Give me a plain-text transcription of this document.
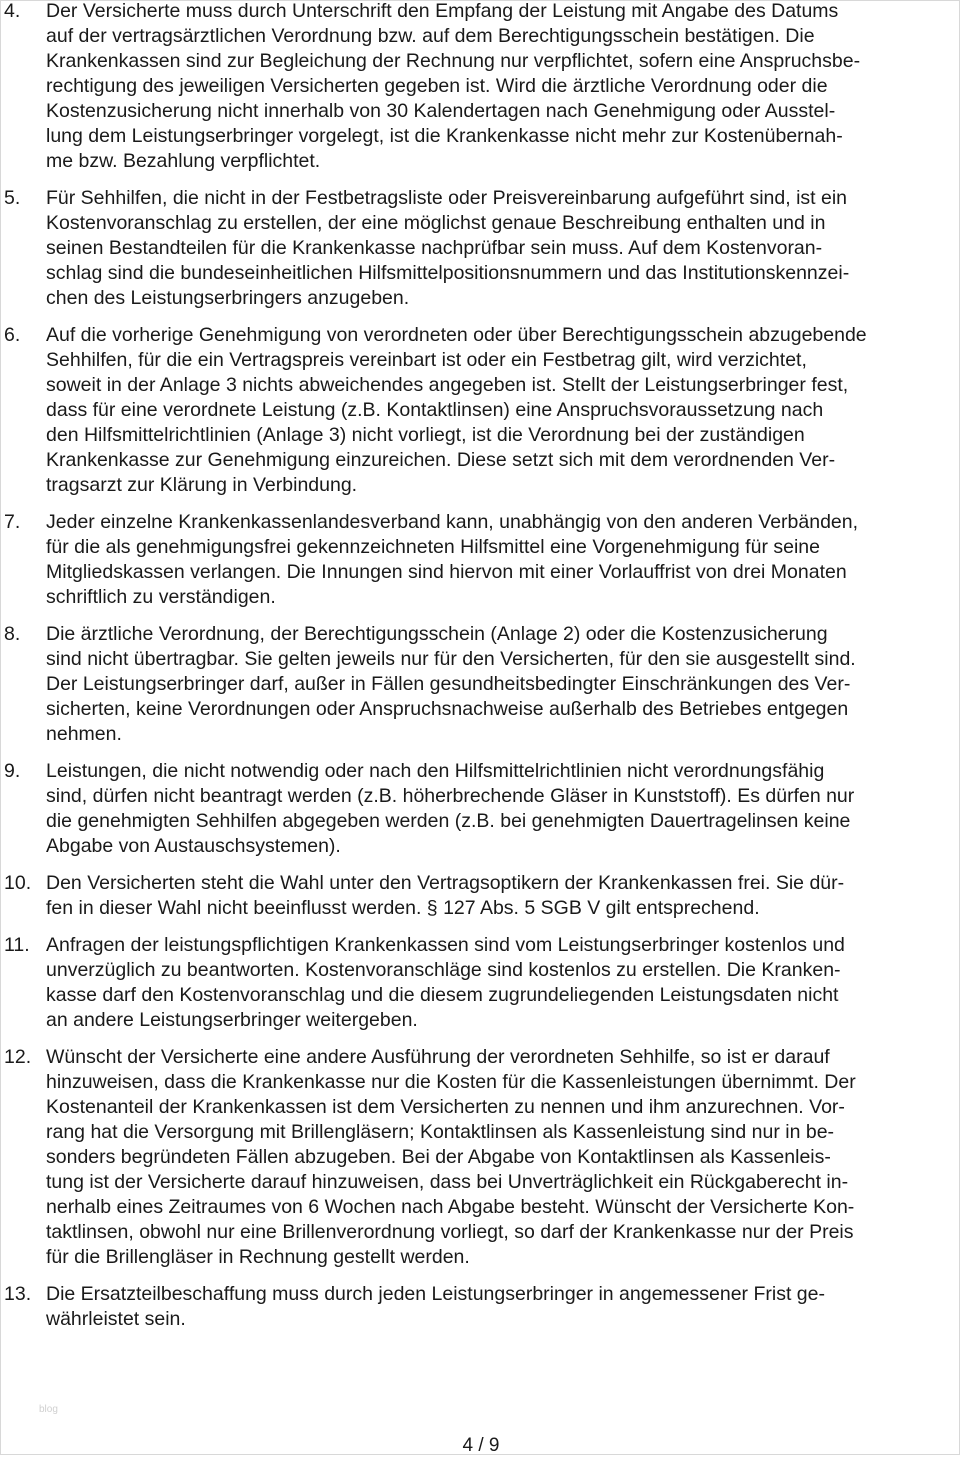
4.	Der Versicherte muss durch Unterschrift den Empfang der Leistung mit Angabe des Datums
auf der vertragsärztlichen Verordnung bzw. auf dem Berechtigungsschein bestätigen. Die
Krankenkassen sind zur Begleichung der Rechnung nur verpflichtet, sofern eine Anspruchsbe-
rechtigung des jeweiligen Versicherten gegeben ist. Wird die ärztliche Verordnung oder die
Kostenzusicherung nicht innerhalb von 30 Kalendertagen nach Genehmigung oder Ausstel-
lung dem Leistungserbringer vorgelegt, ist die Krankenkasse nicht mehr zur Kostenübernah-
me bzw. Bezahlung verpflichtet.
5.	Für Sehhilfen, die nicht in der Festbetragsliste oder Preisvereinbarung aufgeführt sind, ist ein
Kostenvoranschlag zu erstellen, der eine möglichst genaue Beschreibung enthalten und in
seinen Bestandteilen für die Krankenkasse nachprüfbar sein muss. Auf dem Kostenvoran-
schlag sind die bundeseinheitlichen Hilfsmittelpositionsnummern und das Institutionskennzei-
chen des Leistungserbringers anzugeben.
6.	Auf die vorherige Genehmigung von verordneten oder über Berechtigungsschein abzugebende
Sehhilfen, für die ein Vertragspreis vereinbart ist oder ein Festbetrag gilt, wird verzichtet,
soweit in der Anlage 3 nichts abweichendes angegeben ist. Stellt der Leistungserbringer fest,
dass für eine verordnete Leistung (z.B. Kontaktlinsen) eine Anspruchsvoraussetzung nach
den Hilfsmittelrichtlinien (Anlage 3) nicht vorliegt, ist die Verordnung bei der zuständigen
Krankenkasse zur Genehmigung einzureichen. Diese setzt sich mit dem verordnenden Ver-
tragsarzt zur Klärung in Verbindung.
7.	Jeder einzelne Krankenkassenlandesverband kann, unabhängig von den anderen Verbänden,
für die als genehmigungsfrei gekennzeichneten Hilfsmittel eine Vorgenehmigung für seine
Mitgliedskassen verlangen. Die Innungen sind hiervon mit einer Vorlauffrist von drei Monaten
schriftlich zu verständigen.
8.	Die ärztliche Verordnung, der Berechtigungsschein (Anlage 2) oder die Kostenzusicherung
sind nicht übertragbar. Sie gelten jeweils nur für den Versicherten, für den sie ausgestellt sind.
Der Leistungserbringer darf, außer in Fällen gesundheitsbedingter Einschränkungen des Ver-
sicherten, keine Verordnungen oder Anspruchsnachweise außerhalb des Betriebes entgegen
nehmen.
9.	Leistungen, die nicht notwendig oder nach den Hilfsmittelrichtlinien nicht verordnungsfähig
sind, dürfen nicht beantragt werden (z.B. höherbrechende Gläser in Kunststoff). Es dürfen nur
die genehmigten Sehhilfen abgegeben werden (z.B. bei genehmigten Dauertragelinsen keine
Abgabe von Austauschsystemen).
10. Den Versicherten steht die Wahl unter den Vertragsoptikern der Krankenkassen frei. Sie dür-
fen in dieser Wahl nicht beeinflusst werden. § 127 Abs. 5 SGB V gilt entsprechend.
11. Anfragen der leistungspflichtigen Krankenkassen sind vom Leistungserbringer kostenlos und
unverzüglich zu beantworten. Kostenvoranschläge sind kostenlos zu erstellen. Die Kranken-
kasse darf den Kostenvoranschlag und die diesem zugrundeliegenden Leistungsdaten nicht
an andere Leistungserbringer weitergeben.
12. Wünscht der Versicherte eine andere Ausführung der verordneten Sehhilfe, so ist er darauf
hinzuweisen, dass die Krankenkasse nur die Kosten für die Kassenleistungen übernimmt. Der
Kostenanteil der Krankenkassen ist dem Versicherten zu nennen und ihm anzurechnen. Vor-
rang hat die Versorgung mit Brillengläsern; Kontaktlinsen als Kassenleistung sind nur in be-
sonders begründeten Fällen abzugeben. Bei der Abgabe von Kontaktlinsen als Kassenleis-
tung ist der Versicherte darauf hinzuweisen, dass bei Unverträglichkeit ein Rückgaberecht in-
nerhalb eines Zeitraumes von 6 Wochen nach Abgabe besteht. Wünscht der Versicherte Kon-
taktlinsen, obwohl nur eine Brillenverordnung vorliegt, so darf der Krankenkasse nur der Preis
für die Brillengläser in Rechnung gestellt werden.
13. Die Ersatzteilbeschaffung muss durch jeden Leistungserbringer in angemessener Frist ge-
währleistet sein.
blog
4 / 9
